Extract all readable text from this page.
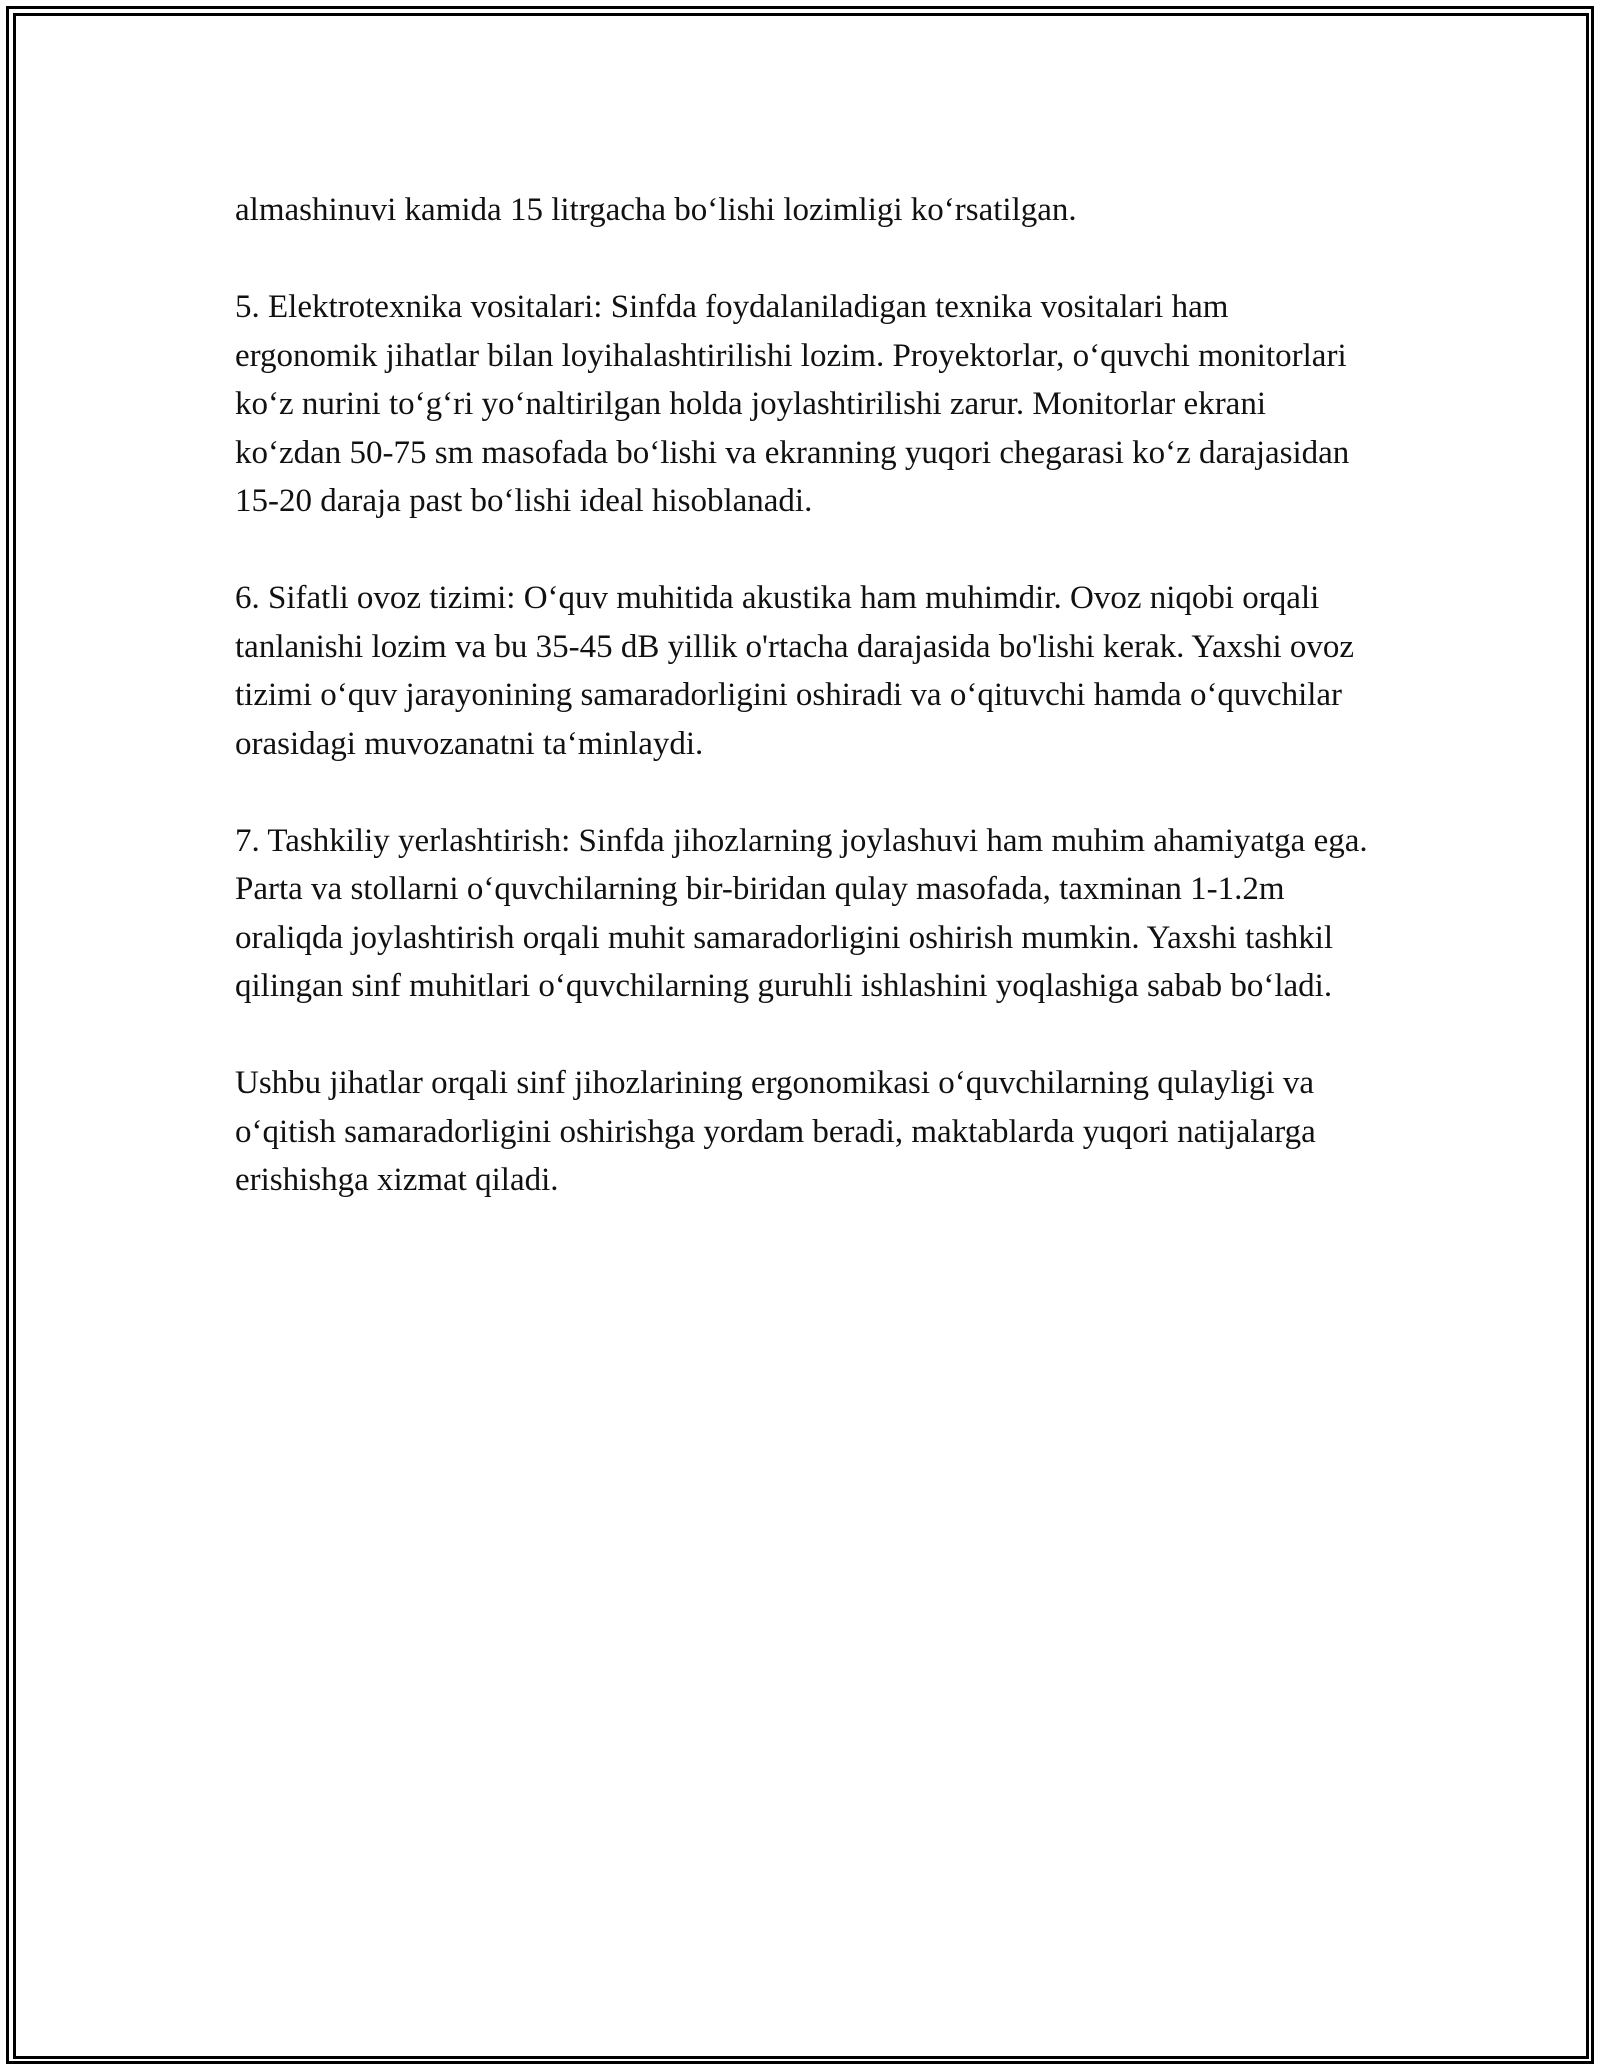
almashinuvi kamida 15 litrgacha bo‘lishi lozimligi ko‘rsatilgan.

5. Elektrotexnika vositalari: Sinfda foydalaniladigan texnika vositalari ham ergonomik jihatlar bilan loyihalashtirilishi lozim. Proyektorlar, o‘quvchi monitorlari ko‘z nurini to‘g‘ri yo‘naltirilgan holda joylashtirilishi zarur. Monitorlar ekrani ko‘zdan 50-75 sm masofada bo‘lishi va ekranning yuqori chegarasi ko‘z darajasidan 15-20 daraja past bo‘lishi ideal hisoblanadi.

6. Sifatli ovoz tizimi: O‘quv muhitida akustika ham muhimdir. Ovoz niqobi orqali tanlanishi lozim va bu 35-45 dB yillik o'rtacha darajasida bo'lishi kerak. Yaxshi ovoz tizimi o‘quv jarayonining samaradorligini oshiradi va o‘qituvchi hamda o‘quvchilar orasidagi muvozanatni ta‘minlaydi.

7. Tashkiliy yerlashtirish: Sinfda jihozlarning joylashuvi ham muhim ahamiyatga ega. Parta va stollarni o‘quvchilarning bir-biridan qulay masofada, taxminan 1-1.2m oraliqda joylashtirish orqali muhit samaradorligini oshirish mumkin. Yaxshi tashkil qilingan sinf muhitlari o‘quvchilarning guruhli ishlashini yoqlashiga sabab bo‘ladi.

Ushbu jihatlar orqali sinf jihozlarining ergonomikasi o‘quvchilarning qulayligi va o‘qitish samaradorligini oshirishga yordam beradi, maktablarda yuqori natijalarga erishishga xizmat qiladi.
